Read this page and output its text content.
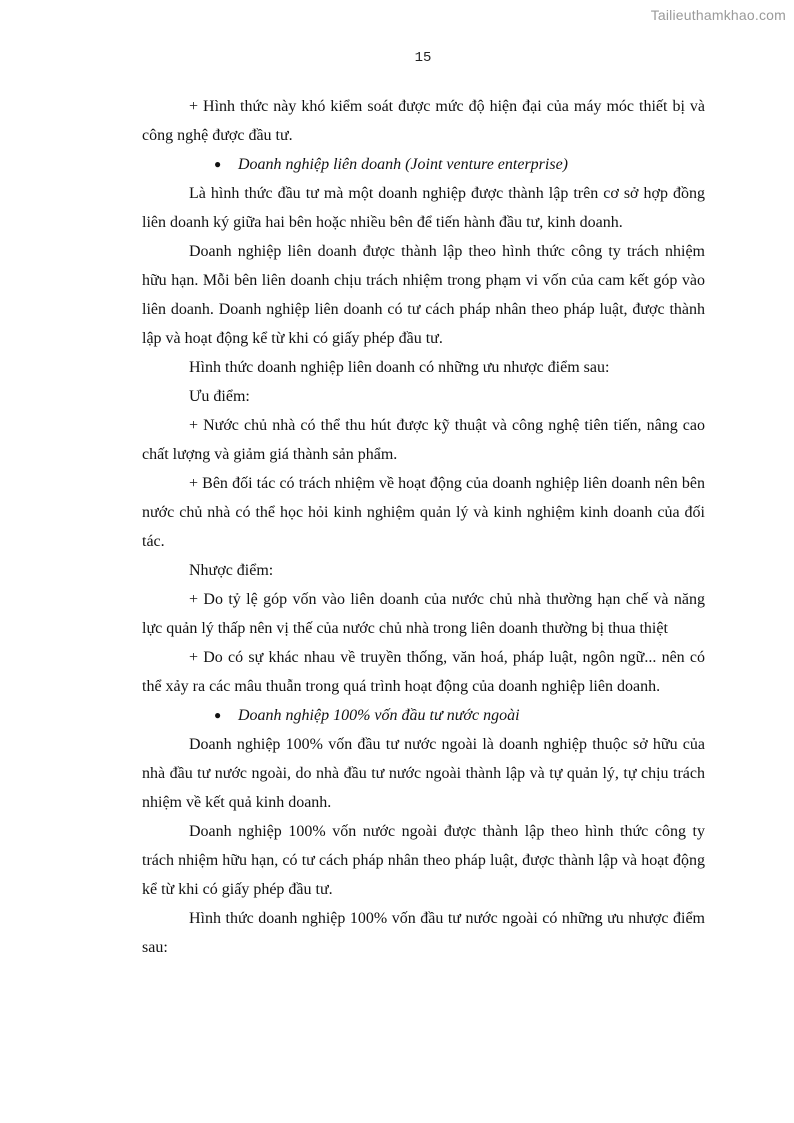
Tailieuthamkhao.com
15

+ Hình thức này khó kiểm soát được mức độ hiện đại của máy móc thiết bị và công nghệ được đầu tư.

● Doanh nghiệp liên doanh (Joint venture enterprise)

Là hình thức đầu tư mà một doanh nghiệp được thành lập trên cơ sở hợp đồng liên doanh ký giữa hai bên hoặc nhiều bên để tiến hành đầu tư, kinh doanh.

Doanh nghiệp liên doanh được thành lập theo hình thức công ty trách nhiệm hữu hạn. Mỗi bên liên doanh chịu trách nhiệm trong phạm vi vốn của cam kết góp vào liên doanh. Doanh nghiệp liên doanh có tư cách pháp nhân theo pháp luật, được thành lập và hoạt động kể từ khi có giấy phép đầu tư.

Hình thức doanh nghiệp liên doanh có những ưu nhược điểm sau:

Ưu điểm:

+ Nước chủ nhà có thể thu hút được kỹ thuật và công nghệ tiên tiến, nâng cao chất lượng và giảm giá thành sản phẩm.

+ Bên đối tác có trách nhiệm về hoạt động của doanh nghiệp liên doanh nên bên nước chủ nhà có thể học hỏi kinh nghiệm quản lý và kinh nghiệm kinh doanh của đối tác.

Nhược điểm:

+ Do tỷ lệ góp vốn vào liên doanh của nước chủ nhà thường hạn chế và năng lực quản lý thấp nên vị thế của nước chủ nhà trong liên doanh thường bị thua thiệt

+ Do có sự khác nhau về truyền thống, văn hoá, pháp luật, ngôn ngữ... nên có thể xảy ra các mâu thuẫn trong quá trình hoạt động của doanh nghiệp liên doanh.

● Doanh nghiệp 100% vốn đầu tư nước ngoài

Doanh nghiệp 100% vốn đầu tư nước ngoài là doanh nghiệp thuộc sở hữu của nhà đầu tư nước ngoài, do nhà đầu tư nước ngoài thành lập và tự quản lý, tự chịu trách nhiệm về kết quả kinh doanh.

Doanh nghiệp 100% vốn nước ngoài được thành lập theo hình thức công ty trách nhiệm hữu hạn, có tư cách pháp nhân theo pháp luật, được thành lập và hoạt động kể từ khi có giấy phép đầu tư.

Hình thức doanh nghiệp 100% vốn đầu tư nước ngoài có những ưu nhược điểm sau:
